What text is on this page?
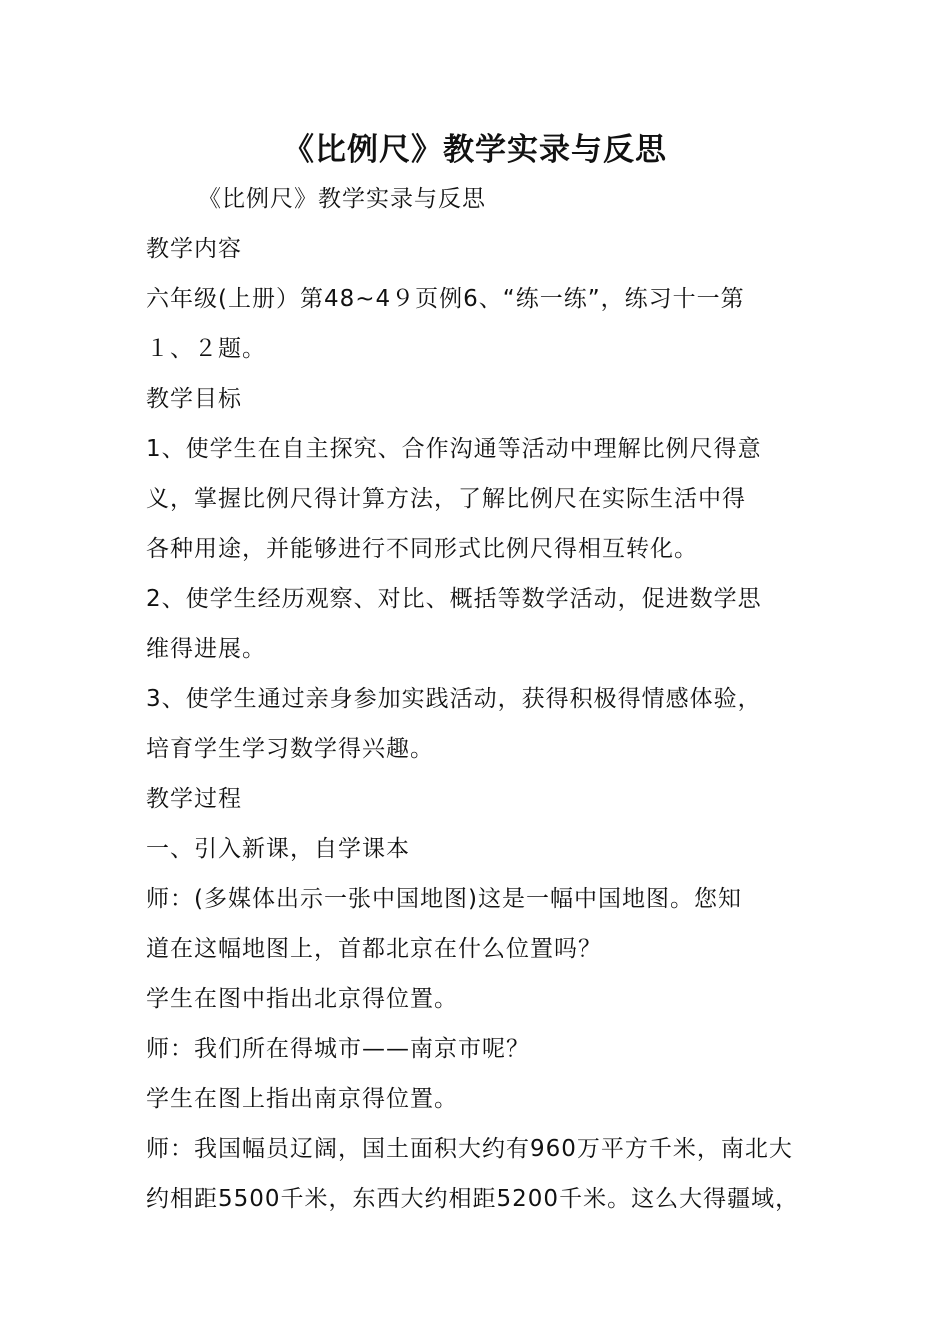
《比例尺》教学实录与反思
《比例尺》教学实录与反思
教学内容
六年级(上册）第48~4９页例6、“练一练”，练习十一第
１、２题。
教学目标
1、使学生在自主探究、合作沟通等活动中理解比例尺得意
义，掌握比例尺得计算方法，了解比例尺在实际生活中得
各种用途，并能够进行不同形式比例尺得相互转化。
2、使学生经历观察、对比、概括等数学活动，促进数学思
维得进展。
3、使学生通过亲身参加实践活动，获得积极得情感体验，
培育学生学习数学得兴趣。
教学过程
一、引入新课，自学课本
师：(多媒体出示一张中国地图)这是一幅中国地图。您知
道在这幅地图上，首都北京在什么位置吗？
学生在图中指出北京得位置。
师：我们所在得城市——南京市呢？
学生在图上指出南京得位置。
师：我国幅员辽阔，国土面积大约有960万平方千米，南北大
约相距5500千米，东西大约相距5200千米。这么大得疆域，
